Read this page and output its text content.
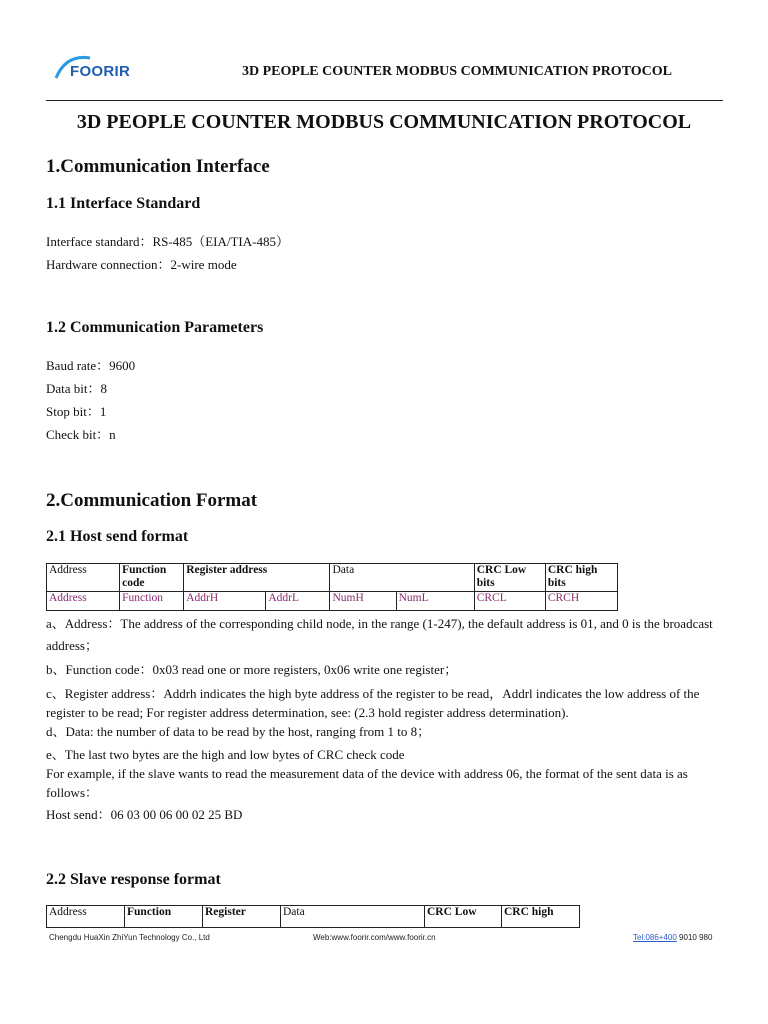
FOORIR	3D PEOPLE COUNTER MODBUS COMMUNICATION PROTOCOL
3D PEOPLE COUNTER MODBUS COMMUNICATION PROTOCOL
1.Communication Interface
1.1 Interface Standard
Interface standard：RS-485（EIA/TIA-485）
Hardware connection：2-wire mode
1.2 Communication Parameters
Baud rate：9600
Data bit：8
Stop bit：1
Check bit：n
2.Communication Format
2.1 Host send format
Address	Function code	Register address		Data		CRC Low bits	CRC high bits
Address	Function	AddrH	AddrL	NumH	NumL	CRCL	CRCH
a、Address：The address of the corresponding child node, in the range (1-247), the default address is 01, and 0 is the broadcast address；
b、Function code：0x03 read one or more registers, 0x06 write one register；
c、Register address：Addrh indicates the high byte address of the register to be read，Addrl indicates the low address of the register to be read; For register address determination, see: (2.3 hold register address determination).
d、Data: the number of data to be read by the host, ranging from 1 to 8；
e、The last two bytes are the high and low bytes of CRC check code
For example, if the slave wants to read the measurement data of the device with address 06, the format of the sent data is as follows：
Host send：06 03 00 06 00 02 25 BD
2.2 Slave response format
Address	Function	Register	Data	CRC Low	CRC high
Chengdu HuaXin ZhiYun Technology Co., Ltd	Web:www.foorir.com/www.foorir.cn	Tel:086+400 9010 980
